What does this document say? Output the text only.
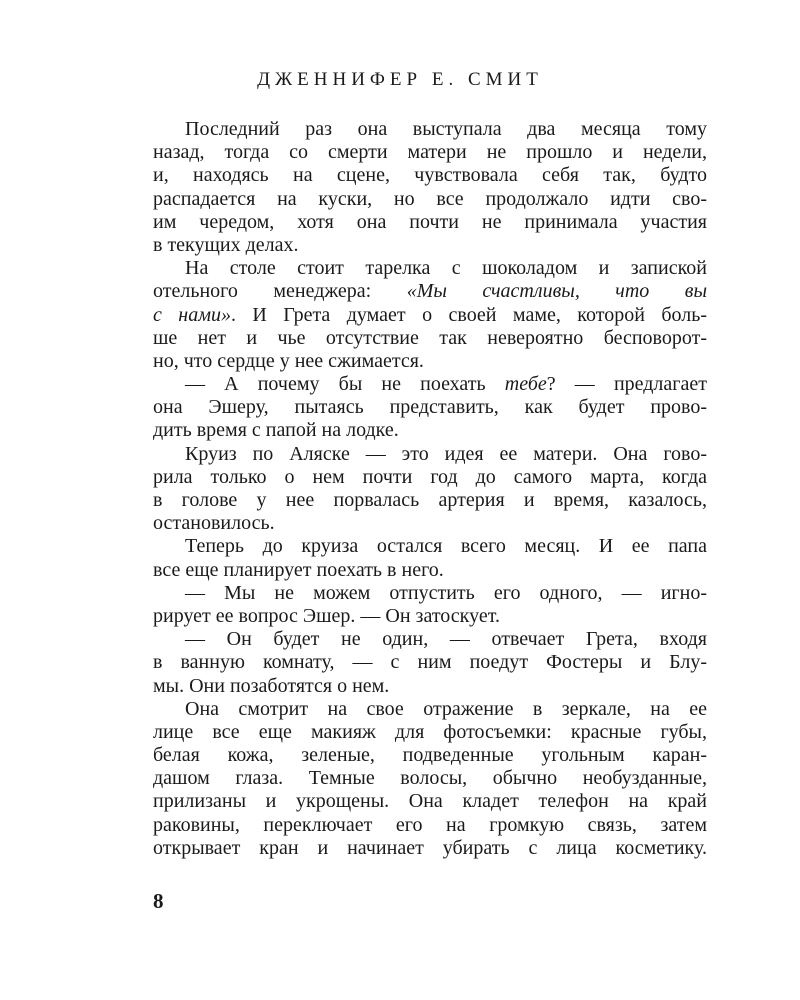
ДЖЕННИФЕР Е. СМИТ
Последний раз она выступала два месяца тому
назад, тогда со смерти матери не прошло и недели,
и, находясь на сцене, чувствовала себя так, будто
распадается на куски, но все продолжало идти сво-
им чередом, хотя она почти не принимала участия
в текущих делах.
На столе стоит тарелка с шоколадом и запиской
отельного менеджера: «Мы счастливы, что вы
с нами». И Грета думает о своей маме, которой боль-
ше нет и чье отсутствие так невероятно бесповорот-
но, что сердце у нее сжимается.
— А почему бы не поехать тебе? — предлагает
она Эшеру, пытаясь представить, как будет прово-
дить время с папой на лодке.
Круиз по Аляске — это идея ее матери. Она гово-
рила только о нем почти год до самого марта, когда
в голове у нее порвалась артерия и время, казалось,
остановилось.
Теперь до круиза остался всего месяц. И ее папа
все еще планирует поехать в него.
— Мы не можем отпустить его одного, — игно-
рирует ее вопрос Эшер. — Он затоскует.
— Он будет не один, — отвечает Грета, входя
в ванную комнату, — с ним поедут Фостеры и Блу-
мы. Они позаботятся о нем.
Она смотрит на свое отражение в зеркале, на ее
лице все еще макияж для фотосъемки: красные губы,
белая кожа, зеленые, подведенные угольным каран-
дашом глаза. Темные волосы, обычно необузданные,
прилизаны и укрощены. Она кладет телефон на край
раковины, переключает его на громкую связь, затем
открывает кран и начинает убирать с лица косметику.
8
